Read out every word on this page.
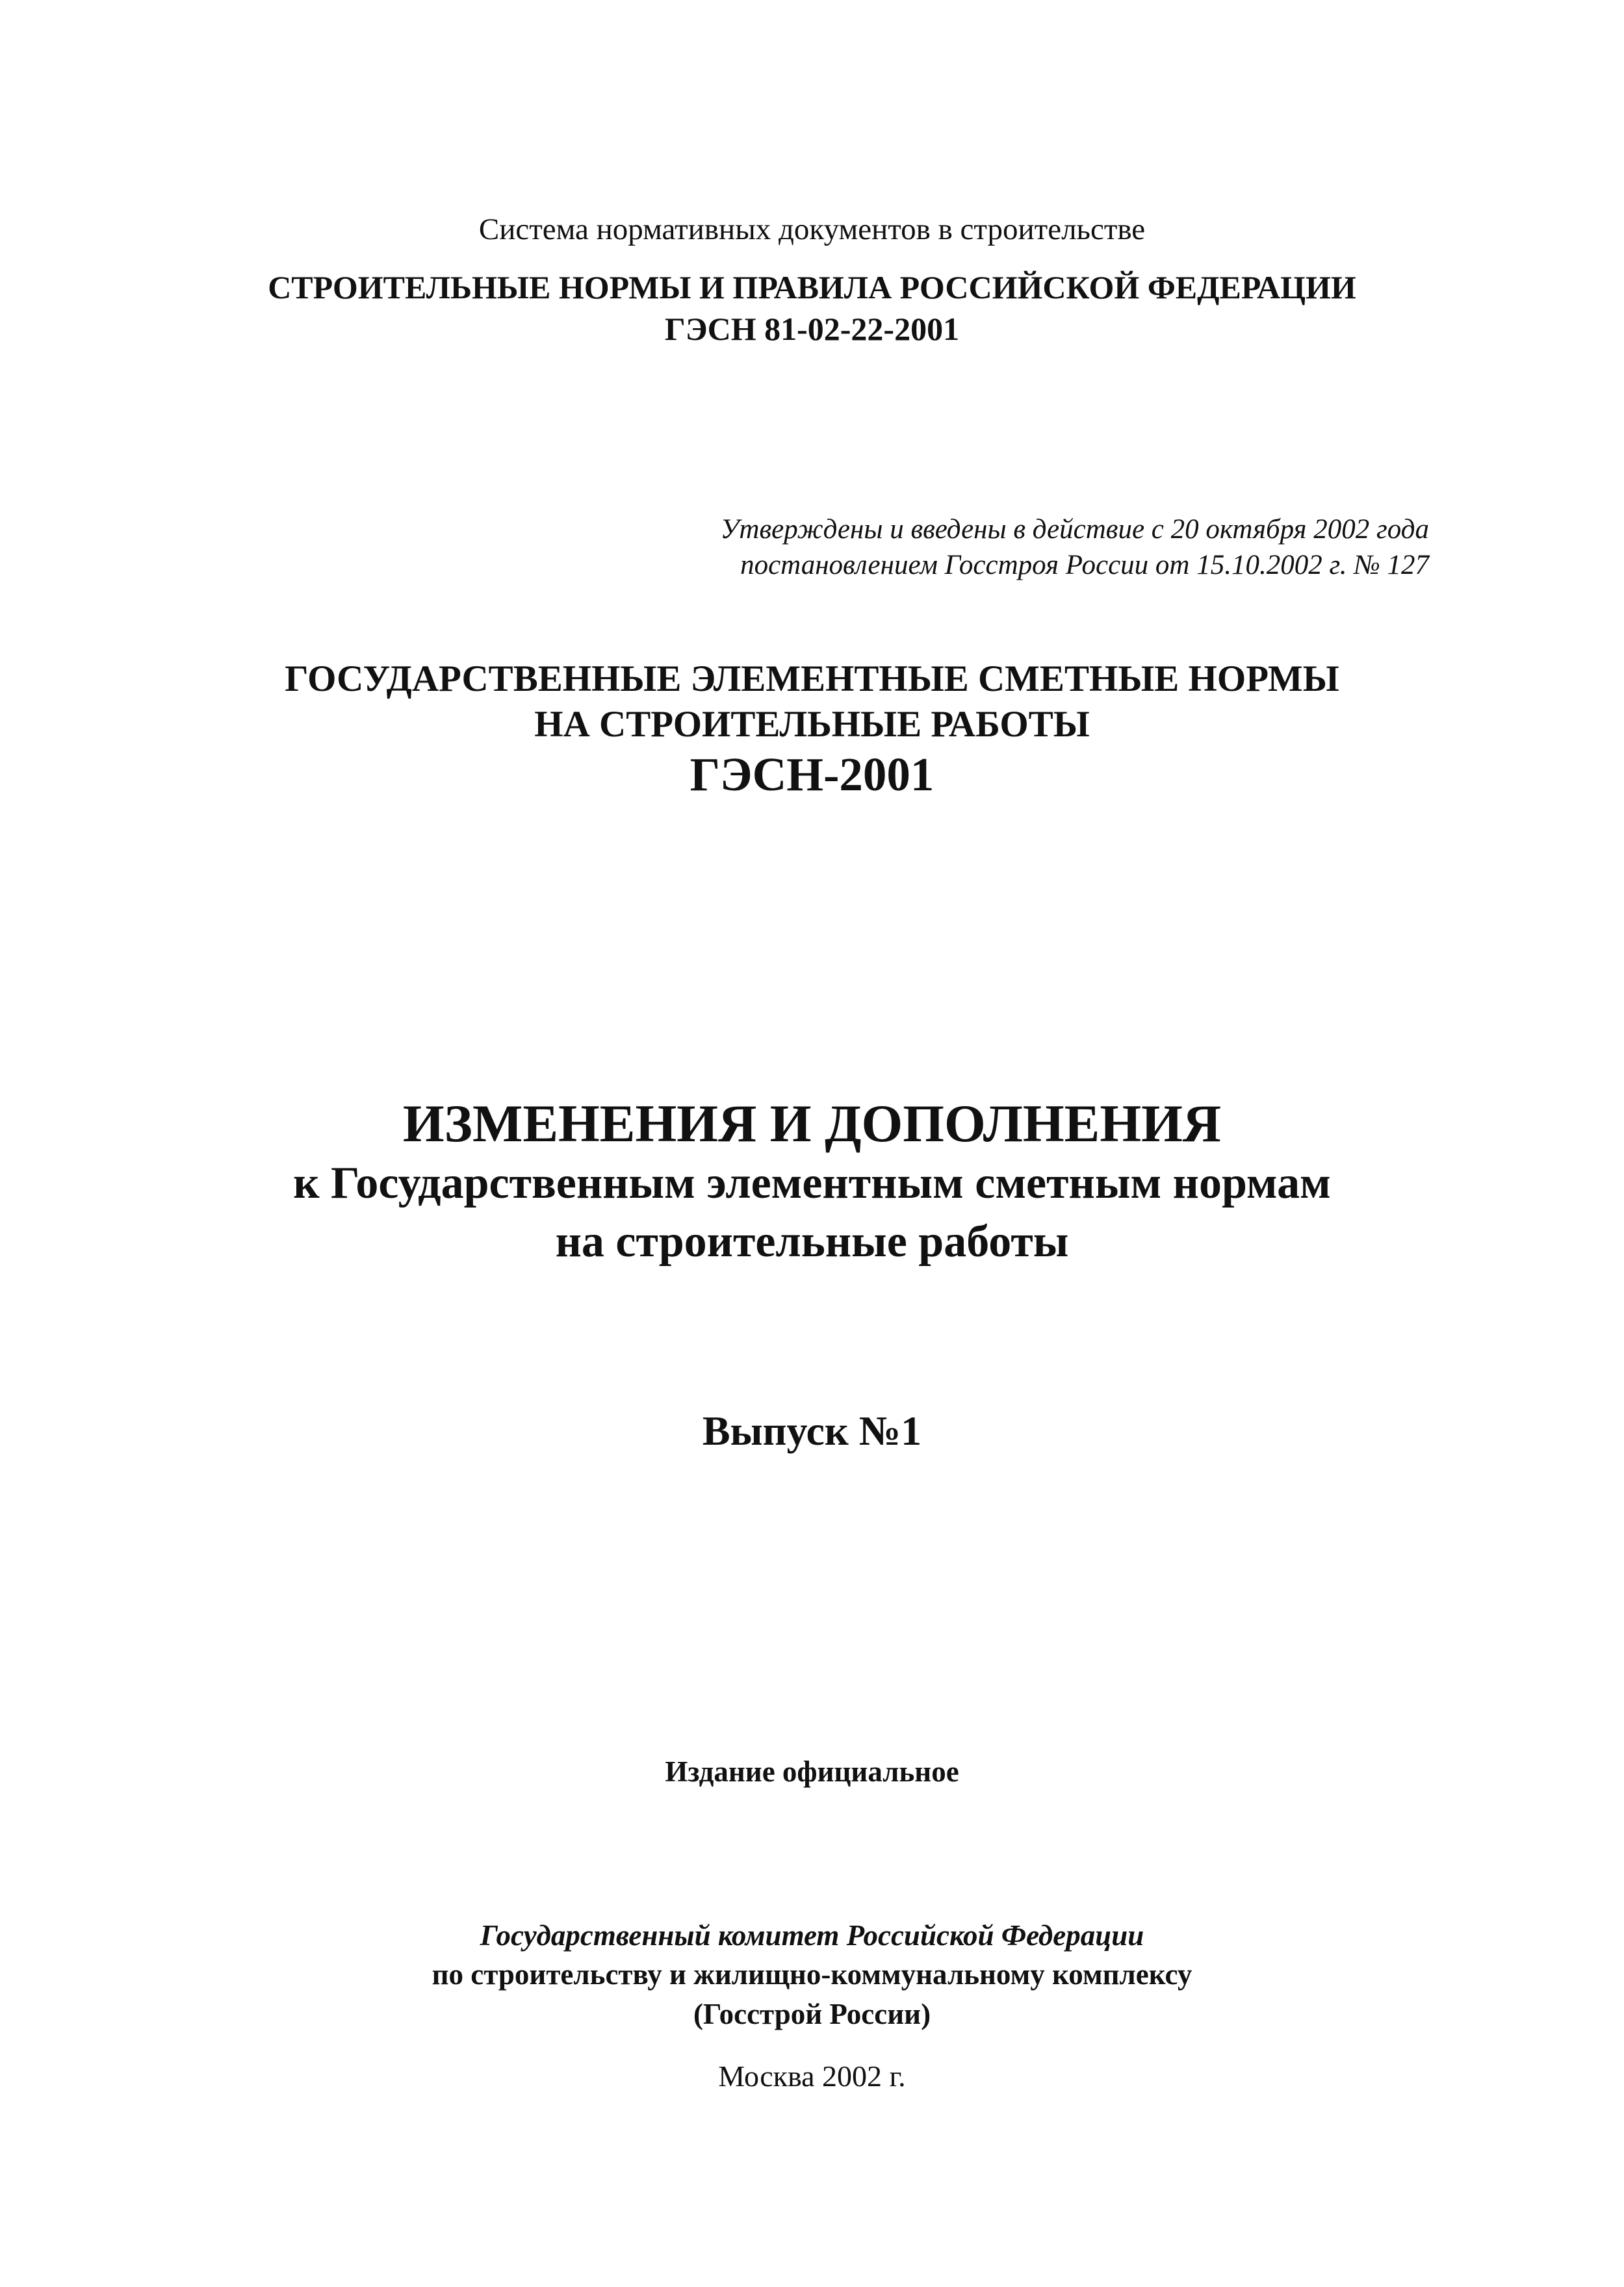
Система нормативных документов в строительстве
СТРОИТЕЛЬНЫЕ НОРМЫ И ПРАВИЛА РОССИЙСКОЙ ФЕДЕРАЦИИ
ГЭСН 81-02-22-2001
Утверждены и введены в действие с 20 октября 2002 года
постановлением Госстроя России от 15.10.2002 г. № 127
ГОСУДАРСТВЕННЫЕ ЭЛЕМЕНТНЫЕ СМЕТНЫЕ НОРМЫ
НА СТРОИТЕЛЬНЫЕ РАБОТЫ
ГЭСН-2001
ИЗМЕНЕНИЯ И ДОПОЛНЕНИЯ
к Государственным элементным сметным нормам
на строительные работы
Выпуск №1
Издание официальное
Государственный комитет Российской Федерации
по строительству и жилищно-коммунальному комплексу
(Госстрой России)
Москва 2002 г.
